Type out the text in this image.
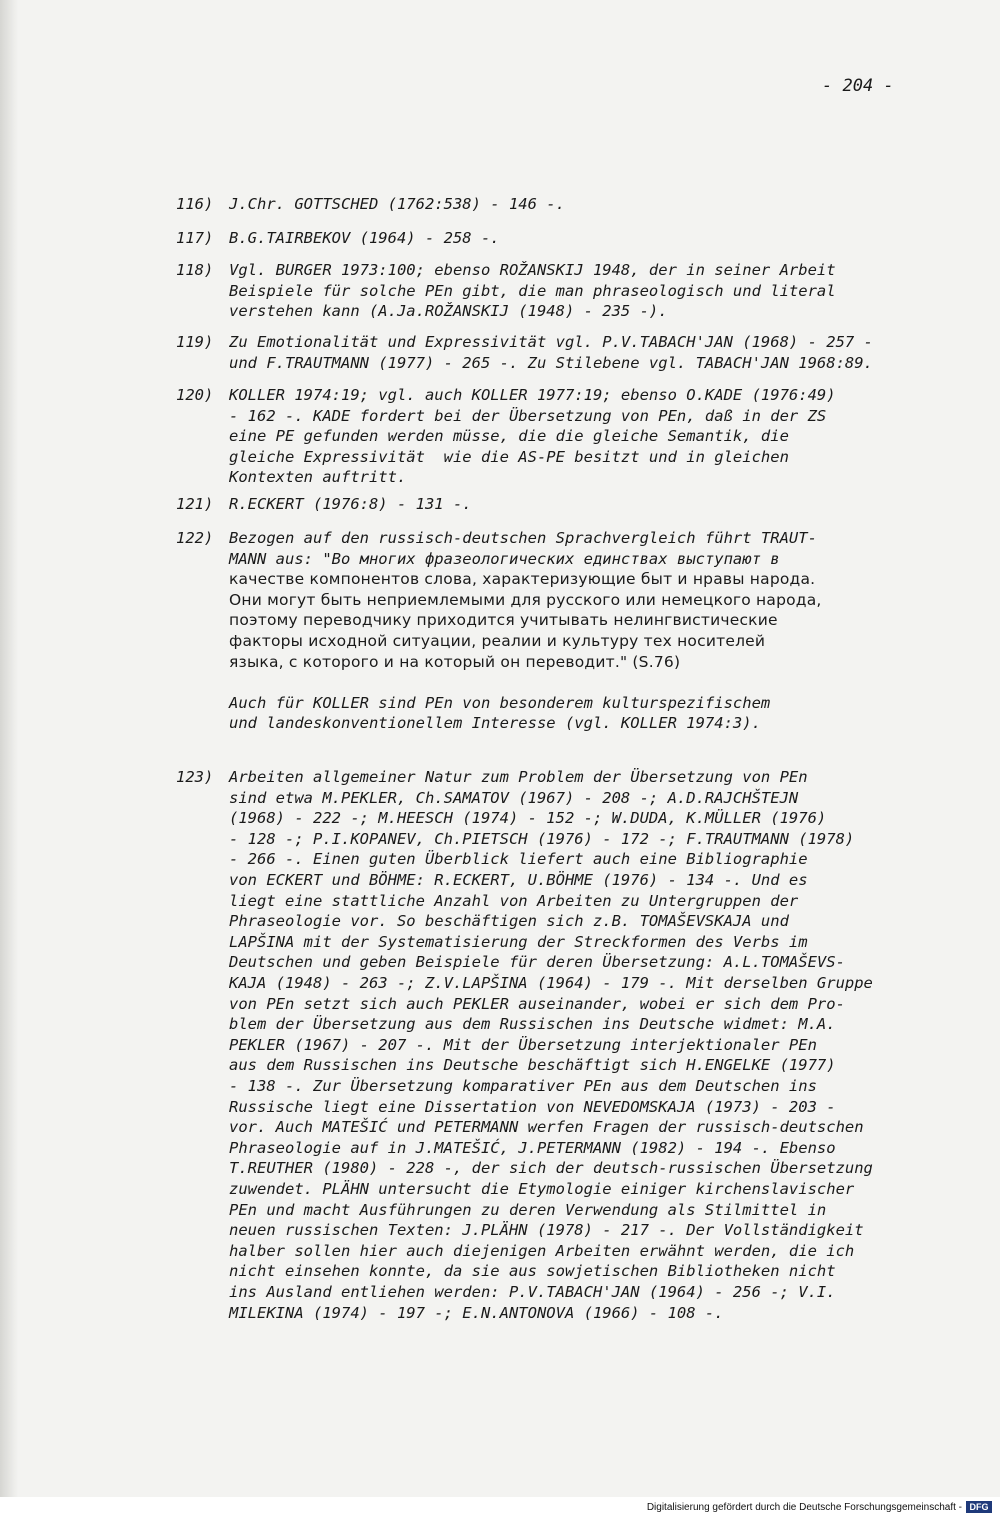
- 204 -
116) J.Chr. GOTTSCHED (1762:538) - 146 -.
117) B.G.TAIRBEKOV (1964) - 258 -.
118) Vgl. BURGER 1973:100; ebenso ROŽANSKIJ 1948, der in seiner Arbeit
Beispiele für solche PEn gibt, die man phraseologisch und literal
verstehen kann (A.Ja.ROŽANSKIJ (1948) - 235 -).
119) Zu Emotionalität und Expressivität vgl. P.V.TABACH'JAN (1968) - 257 -
und F.TRAUTMANN (1977) - 265 -. Zu Stilebene vgl. TABACH'JAN 1968:89.
120) KOLLER 1974:19; vgl. auch KOLLER 1977:19; ebenso O.KADE (1976:49)
- 162 -. KADE fordert bei der Übersetzung von PEn, daß in der ZS
eine PE gefunden werden müsse, die die gleiche Semantik, die
gleiche Expressivität  wie die AS-PE besitzt und in gleichen
Kontexten auftritt.
121) R.ECKERT (1976:8) - 131 -.
122) Bezogen auf den russisch-deutschen Sprachvergleich führt TRAUT-
MANN aus: "Во многих фразеологических единствах выступают в
качестве компонентов слова, характеризующие быт и нравы народа.
Они могут быть неприемлемыми для русского или немецкого народа,
поэтому переводчику приходится учитывать нелингвистические
факторы исходной ситуации, реалии и культуру тех носителей
языка, с которого и на который он переводит." (S.76)
Auch für KOLLER sind PEn von besonderem kulturspezifischem
und landeskonventionellem Interesse (vgl. KOLLER 1974:3).
123) Arbeiten allgemeiner Natur zum Problem der Übersetzung von PEn
sind etwa M.PEKLER, Ch.SAMATOV (1967) - 208 -; A.D.RAJCHŠTEJN
(1968) - 222 -; M.HEESCH (1974) - 152 -; W.DUDA, K.MÜLLER (1976)
- 128 -; P.I.KOPANEV, Ch.PIETSCH (1976) - 172 -; F.TRAUTMANN (1978)
- 266 -. Einen guten Überblick liefert auch eine Bibliographie
von ECKERT und BÖHME: R.ECKERT, U.BÖHME (1976) - 134 -. Und es
liegt eine stattliche Anzahl von Arbeiten zu Untergruppen der
Phraseologie vor. So beschäftigen sich z.B. TOMAŠEVSKAJA und
LAPŠINA mit der Systematisierung der Streckformen des Verbs im
Deutschen und geben Beispiele für deren Übersetzung: A.L.TOMAŠEVS-
KAJA (1948) - 263 -; Z.V.LAPŠINA (1964) - 179 -. Mit derselben Gruppe
von PEn setzt sich auch PEKLER auseinander, wobei er sich dem Pro-
blem der Übersetzung aus dem Russischen ins Deutsche widmet: M.A.
PEKLER (1967) - 207 -. Mit der Übersetzung interjektionaler PEn
aus dem Russischen ins Deutsche beschäftigt sich H.ENGELKE (1977)
- 138 -. Zur Übersetzung komparativer PEn aus dem Deutschen ins
Russische liegt eine Dissertation von NEVEDOMSKAJA (1973) - 203 -
vor. Auch MATEŠIĆ und PETERMANN werfen Fragen der russisch-deutschen
Phraseologie auf in J.MATEŠIĆ, J.PETERMANN (1982) - 194 -. Ebenso
T.REUTHER (1980) - 228 -, der sich der deutsch-russischen Übersetzung
zuwendet. PLÄHN untersucht die Etymologie einiger kirchenslavischer
PEn und macht Ausführungen zu deren Verwendung als Stilmittel in
neuen russischen Texten: J.PLÄHN (1978) - 217 -. Der Vollständigkeit
halber sollen hier auch diejenigen Arbeiten erwähnt werden, die ich
nicht einsehen konnte, da sie aus sowjetischen Bibliotheken nicht
ins Ausland entliehen werden: P.V.TABACH'JAN (1964) - 256 -; V.I.
MILEKINA (1974) - 197 -; E.N.ANTONOVA (1966) - 108 -.
Digitalisierung gefördert durch die Deutsche Forschungsgemeinschaft - DFG
